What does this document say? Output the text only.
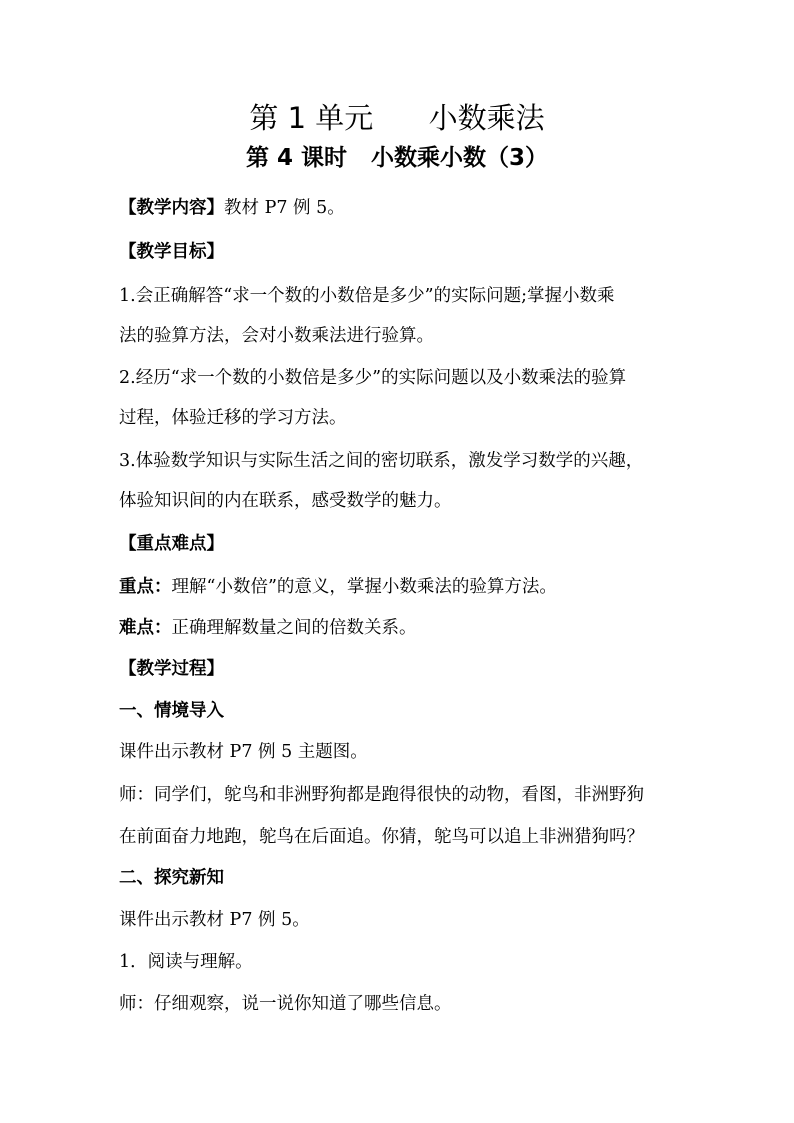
第 1 单元      小数乘法
第 4 课时   小数乘小数（3）
【教学内容】教材 P7 例 5。
【教学目标】
1.会正确解答“求一个数的小数倍是多少”的实际问题;掌握小数乘
法的验算方法，会对小数乘法进行验算。
2.经历“求一个数的小数倍是多少”的实际问题以及小数乘法的验算
过程，体验迁移的学习方法。
3.体验数学知识与实际生活之间的密切联系，激发学习数学的兴趣，
体验知识间的内在联系，感受数学的魅力。
【重点难点】
重点：理解“小数倍”的意义，掌握小数乘法的验算方法。
难点：正确理解数量之间的倍数关系。
【教学过程】
一、情境导入
课件出示教材 P7 例 5 主题图。
师：同学们，鸵鸟和非洲野狗都是跑得很快的动物，看图，非洲野狗
在前面奋力地跑，鸵鸟在后面追。你猜，鸵鸟可以追上非洲猎狗吗？
二、探究新知
课件出示教材 P7 例 5。
1．阅读与理解。
师：仔细观察，说一说你知道了哪些信息。
